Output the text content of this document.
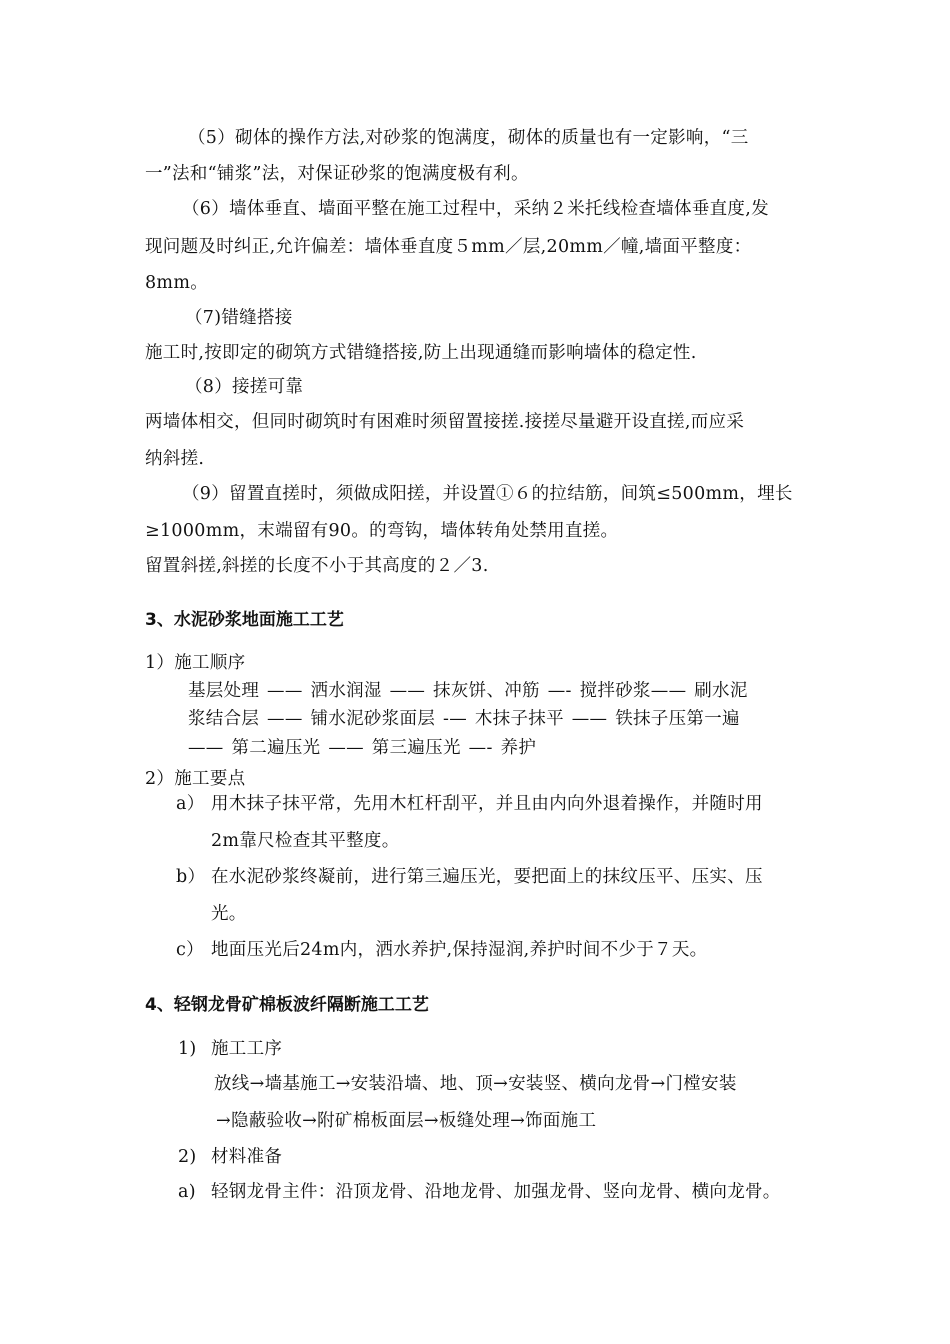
（5）砌体的操作方法,对砂浆的饱满度，砌体的质量也有一定影响，“三
一”法和“铺浆”法，对保证砂浆的饱满度极有利。
（6）墙体垂直、墙面平整在施工过程中，采纳２米托线检查墙体垂直度,发
现问题及时纠正,允许偏差：墙体垂直度５mm／层,20mm／幢,墙面平整度：
8mm。
（7)错缝搭接
施工时,按即定的砌筑方式错缝搭接,防上出现通缝而影响墙体的稳定性.
（8）接搓可靠
两墙体相交，但同时砌筑时有困难时须留置接搓.接搓尽量避开设直搓,而应采
纳斜搓.
（9）留置直搓时，须做成阳搓，并设置①６的拉结筋，间筑≤500mm，埋长
≥1000mm，末端留有90。的弯钩，墙体转角处禁用直搓。
留置斜搓,斜搓的长度不小于其高度的２／3.
3、水泥砂浆地面施工工艺
1）施工顺序
基层处理 —— 洒水润湿 —— 抹灰饼、冲筋 —- 搅拌砂浆—— 刷水泥
浆结合层 —— 铺水泥砂浆面层 -— 木抹子抹平 —— 铁抹子压第一遍
—— 第二遍压光 —— 第三遍压光 —- 养护
2）施工要点
a） 用木抹子抹平常，先用木杠杆刮平，并且由内向外退着操作，并随时用
2m靠尺检查其平整度。
b） 在水泥砂浆终凝前，进行第三遍压光，要把面上的抹纹压平、压实、压
光。
c） 地面压光后24m内，洒水养护,保持湿润,养护时间不少于７天。
4、轻钢龙骨矿棉板波纤隔断施工工艺
1) 施工工序
放线→墙基施工→安装沿墙、地、顶→安装竖、横向龙骨→门樘安装
→隐蔽验收→附矿棉板面层→板缝处理→饰面施工
2) 材料准备
a) 轻钢龙骨主件：沿顶龙骨、沿地龙骨、加强龙骨、竖向龙骨、横向龙骨。
